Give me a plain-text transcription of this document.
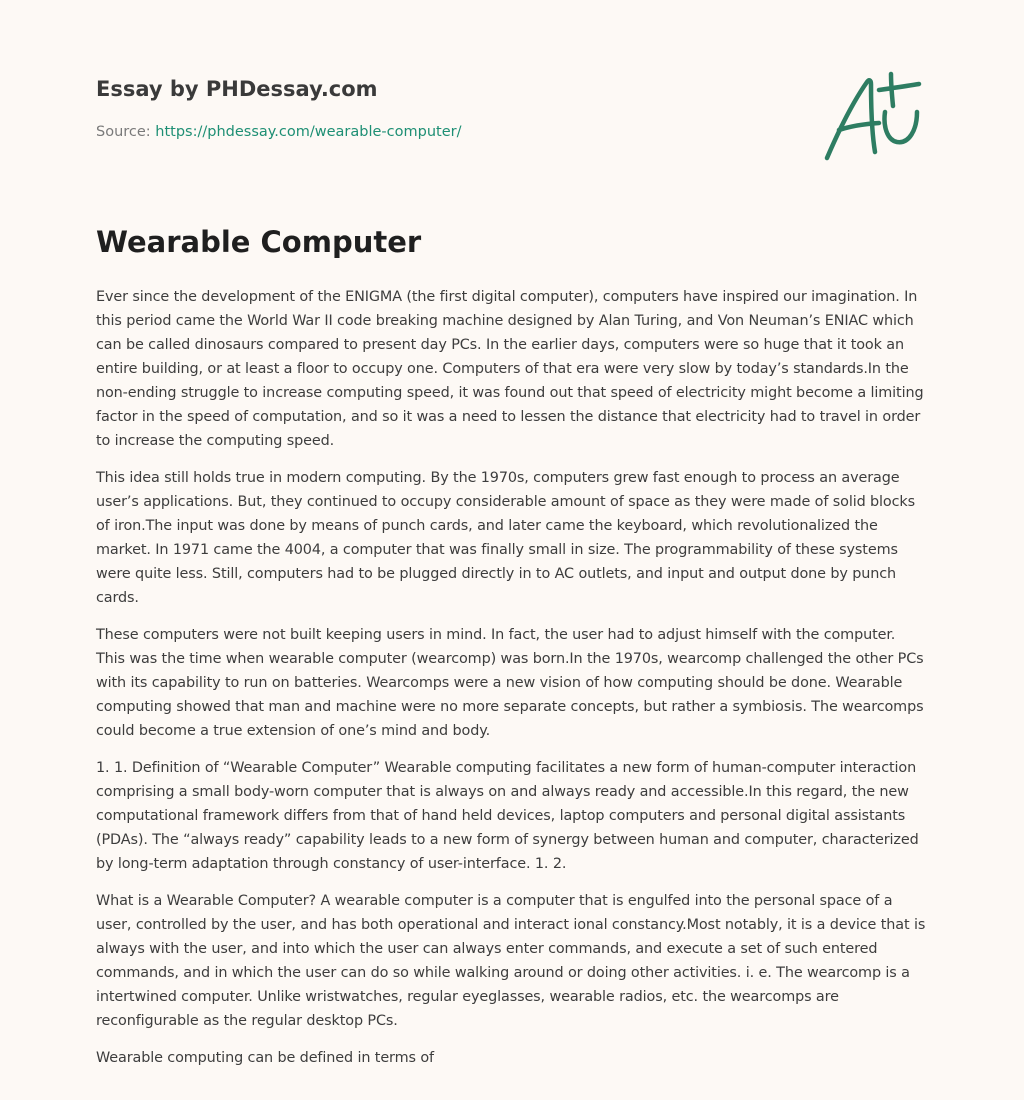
Essay by PHDessay.com
Source: https://phdessay.com/wearable-computer/
Wearable Computer

Ever since the development of the ENIGMA (the first digital computer), computers have inspired our imagination. In this period came the World War II code breaking machine designed by Alan Turing, and Von Neuman’s ENIAC which can be called dinosaurs compared to present day PCs. In the earlier days, computers were so huge that it took an entire building, or at least a floor to occupy one. Computers of that era were very slow by today’s standards.In the non-ending struggle to increase computing speed, it was found out that speed of electricity might become a limiting factor in the speed of computation, and so it was a need to lessen the distance that electricity had to travel in order to increase the computing speed.

This idea still holds true in modern computing. By the 1970s, computers grew fast enough to process an average user’s applications. But, they continued to occupy considerable amount of space as they were made of solid blocks of iron.The input was done by means of punch cards, and later came the keyboard, which revolutionalized the market. In 1971 came the 4004, a computer that was finally small in size. The programmability of these systems were quite less. Still, computers had to be plugged directly in to AC outlets, and input and output done by punch cards.

These computers were not built keeping users in mind. In fact, the user had to adjust himself with the computer. This was the time when wearable computer (wearcomp) was born.In the 1970s, wearcomp challenged the other PCs with its capability to run on batteries. Wearcomps were a new vision of how computing should be done. Wearable computing showed that man and machine were no more separate concepts, but rather a symbiosis. The wearcomps could become a true extension of one’s mind and body.

1. 1. Definition of “Wearable Computer” Wearable computing facilitates a new form of human-computer interaction comprising a small body-worn computer that is always on and always ready and accessible.In this regard, the new computational framework differs from that of hand held devices, laptop computers and personal digital assistants (PDAs). The “always ready” capability leads to a new form of synergy between human and computer, characterized by long-term adaptation through constancy of user-interface. 1. 2.

What is a Wearable Computer? A wearable computer is a computer that is engulfed into the personal space of a user, controlled by the user, and has both operational and interact ional constancy.Most notably, it is a device that is always with the user, and into which the user can always enter commands, and execute a set of such entered commands, and in which the user can do so while walking around or doing other activities. i. e. The wearcomp is a intertwined computer. Unlike wristwatches, regular eyeglasses, wearable radios, etc. the wearcomps are reconfigurable as the regular desktop PCs.

Wearable computing can be defined in terms of
